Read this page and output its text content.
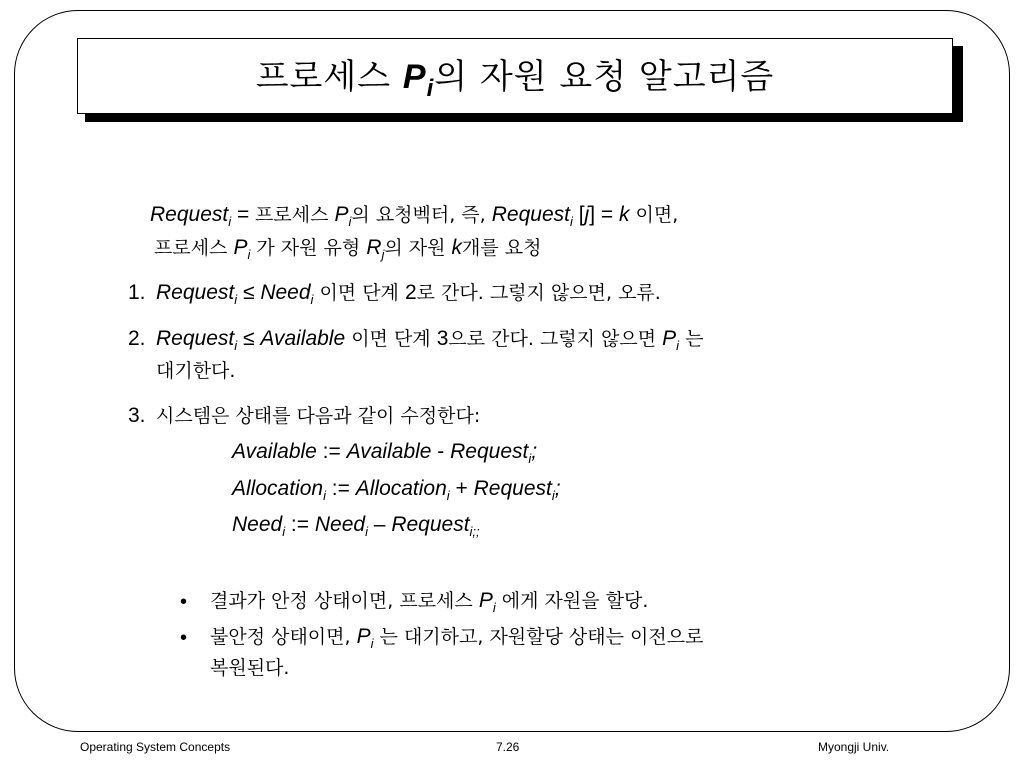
프로세스 $P_i$의 자원 요청 알고리즘
Request$_i$ = 프로세스 $P_i$의 요청벡터, 즉, Request$_i$ [j] = k 이면,
프로세스 $P_i$ 가 자원 유형 $R_j$의 자원 k개를 요청
1. Request$_i$ ≤ Need$_i$ 이면 단계 2로 간다. 그렇지 않으면, 오류.
2. Request$_i$ ≤ Available 이면 단계 3으로 간다. 그렇지 않으면 $P_i$ 는
대기한다.
3. 시스템은 상태를 다음과 같이 수정한다:
Available := Available - Request$_i$;
Allocation$_i$ := Allocation$_i$ + Request$_i$;
Need$_i$ := Need$_i$ – Request$_{i;;}$
• 결과가 안정 상태이면, 프로세스 $P_i$ 에게 자원을 할당.
• 불안정 상태이면, $P_i$ 는 대기하고, 자원할당 상태는 이전으로
복원된다.
Operating System Concepts	7.26	Myongji Univ.
